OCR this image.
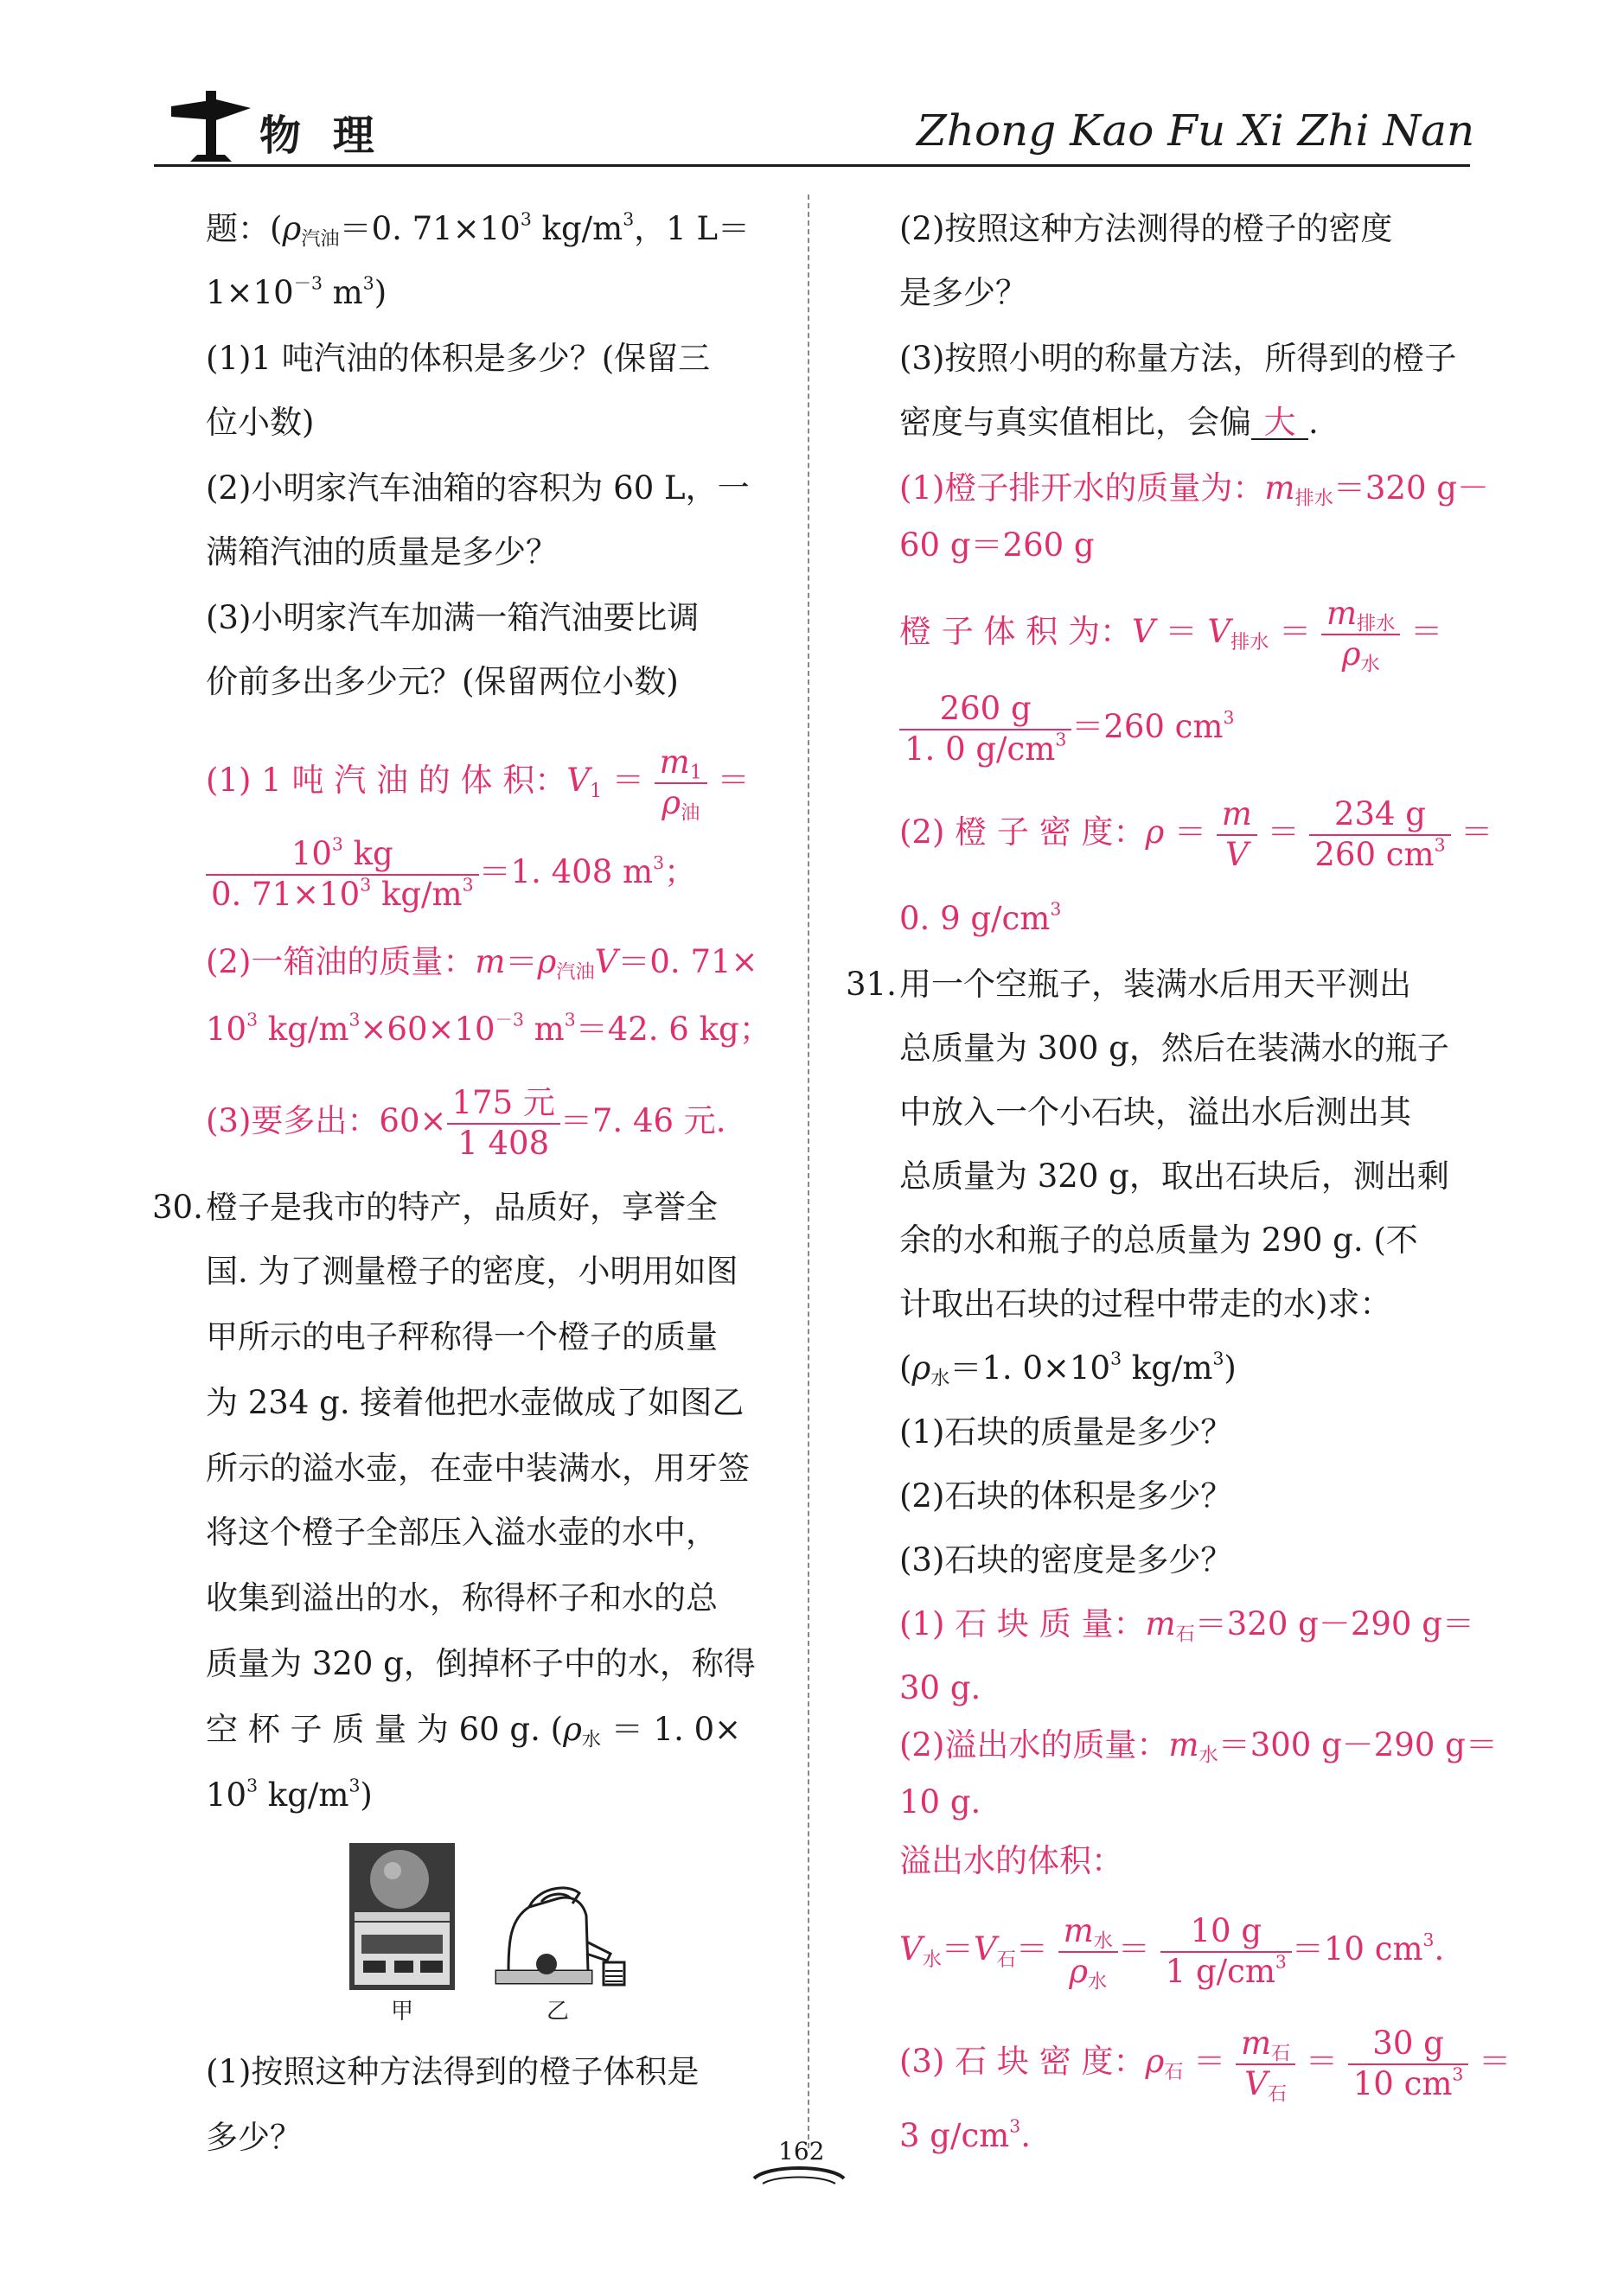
物 理	Zhong Kao Fu Xi Zhi Nan
题：($\rho_{汽油}=0$. $71\times 10^3$ $kg/m^3$，1 L＝
$1\times 10^{-3}$ $m^3$)
(1)1 吨汽油的体积是多少？(保留三
位小数)
(2)小明家汽车油箱的容积为 60 L，一
满箱汽油的质量是多少？
(3)小明家汽车加满一箱汽油要比调
价前多出多少元？(保留两位小数)
(1) 1 吨 汽 油 的 体 积：$V_1 = \frac{m_1}{\rho_油}$ ＝
$\frac{10^3 kg}{0. 71\times 10^3 kg/m^3} =1$. 408 $m^3$；
(2)一箱油的质量：$m=\rho_{汽油}V=0$. 71×
$10^3$ $kg/m^3\times 60\times 10^{-3}$ $m^3=42$. 6 kg；
(3)要多出：$60\times \frac{\text{175 元}}{1 408} =7$. 46 元.
30. 橙子是我市的特产，品质好，享誉全
国. 为了测量橙子的密度，小明用如图
甲所示的电子秤称得一个橙子的质量
为 234 g. 接着他把水壶做成了如图乙
所示的溢水壶，在壶中装满水，用牙签
将这个橙子全部压入溢水壶的水中，
收集到溢出的水，称得杯子和水的总
质量为 320 g，倒掉杯子中的水，称得
空 杯 子 质 量 为 60 g. ($\rho_水 = 1$. 0×
$10^3$ $kg/m^3$)
甲	乙
(1)按照这种方法得到的橙子体积是
多少？
(2)按照这种方法测得的橙子的密度
是多少？
(3)按照小明的称量方法，所得到的橙子
密度与真实值相比，会偏 大 .
(1)橙子排开水的质量为：$m_{排水}=320$ g－
60 g＝260 g
橙 子 体 积 为：$V = V_{排水} = \frac{m_{排水}}{\rho_水}$ ＝
$\frac{260 g}{1. 0 g/cm^3} =260$ $cm^3$
(2) 橙 子 密 度：$\rho = \frac{m}{V} = \frac{234 g}{260 cm^3}$ ＝
0. 9 $g/cm^3$
31. 用一个空瓶子，装满水后用天平测出
总质量为 300 g，然后在装满水的瓶子
中放入一个小石块，溢出水后测出其
总质量为 320 g，取出石块后，测出剩
余的水和瓶子的总质量为 290 g. (不
计取出石块的过程中带走的水)求：
($\rho_水=1$. $0\times 10^3$ $kg/m^3$)
(1)石块的质量是多少？
(2)石块的体积是多少？
(3)石块的密度是多少？
(1) 石 块 质 量：$m_石=320$ g－290 g＝
30 g.
(2)溢出水的质量：$m_水=300$ g－290 g＝
10 g.
溢出水的体积：
$V_水=V_石= \frac{m_水}{\rho_水} = \frac{10 g}{1 g/cm^3} =10$ $cm^3$.
(3) 石 块 密 度：$\rho_石 = \frac{m_石}{V_石} = \frac{30 g}{10 cm^3}$ ＝
3 $g/cm^3$.
162
